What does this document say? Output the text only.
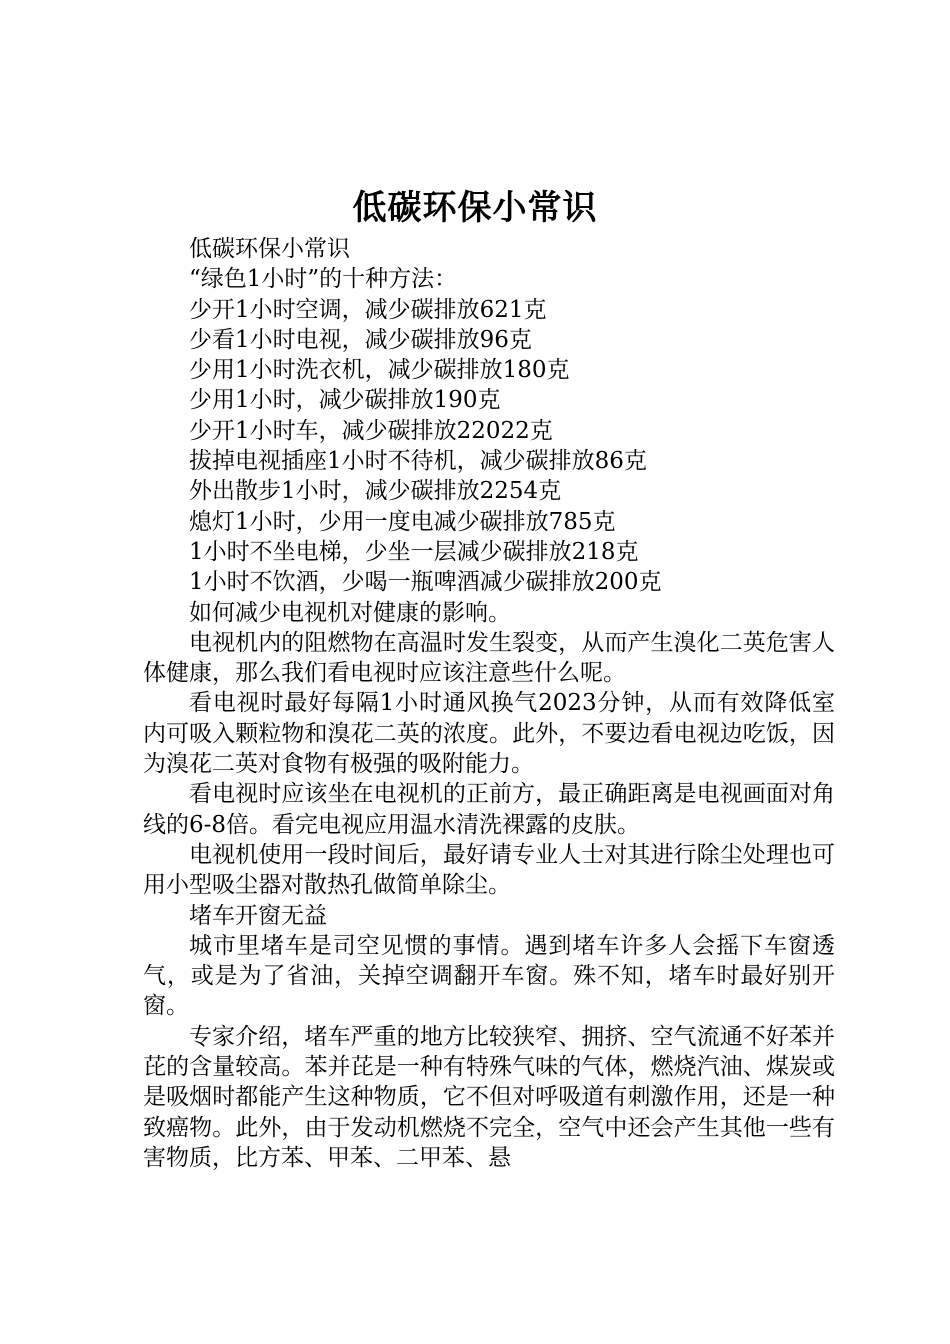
低碳环保小常识

低碳环保小常识

“绿色1小时”的十种方法：

少开1小时空调，减少碳排放621克

少看1小时电视，减少碳排放96克

少用1小时洗衣机，减少碳排放180克

少用1小时，减少碳排放190克

少开1小时车，减少碳排放22022克

拔掉电视插座1小时不待机，减少碳排放86克

外出散步1小时，减少碳排放2254克

熄灯1小时，少用一度电减少碳排放785克

1小时不坐电梯，少坐一层减少碳排放218克

1小时不饮酒，少喝一瓶啤酒减少碳排放200克

如何减少电视机对健康的影响。

电视机内的阻燃物在高温时发生裂变，从而产生溴化二英危害人体健康，那么我们看电视时应该注意些什么呢。

看电视时最好每隔1小时通风换气2023分钟，从而有效降低室内可吸入颗粒物和溴花二英的浓度。此外，不要边看电视边吃饭，因为溴花二英对食物有极强的吸附能力。

看电视时应该坐在电视机的正前方，最正确距离是电视画面对角线的6-8倍。看完电视应用温水清洗裸露的皮肤。

电视机使用一段时间后，最好请专业人士对其进行除尘处理也可用小型吸尘器对散热孔做简单除尘。

堵车开窗无益

城市里堵车是司空见惯的事情。遇到堵车许多人会摇下车窗透气，或是为了省油，关掉空调翻开车窗。殊不知，堵车时最好别开窗。

专家介绍，堵车严重的地方比较狭窄、拥挤、空气流通不好苯并芘的含量较高。苯并芘是一种有特殊气味的气体，燃烧汽油、煤炭或是吸烟时都能产生这种物质，它不但对呼吸道有刺激作用，还是一种致癌物。此外，由于发动机燃烧不完全，空气中还会产生其他一些有害物质，比方苯、甲苯、二甲苯、悬
